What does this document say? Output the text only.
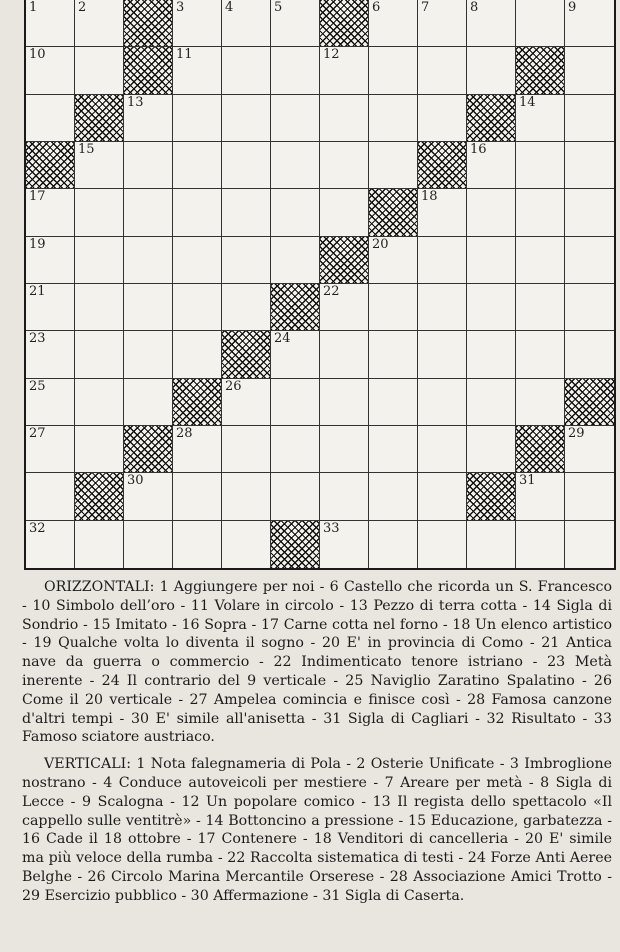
1	2	3	4	5	6	7	8	9
10	11	12
13	14
15	16
17	18
19	20
21	22
23	24
25	26
27	28	29
30	31
32	33

ORIZZONTALI: 1 Aggiungere per noi - 6 Castello che ricorda un S. Francesco - 10 Simbolo dell’oro - 11 Volare in circolo - 13 Pezzo di terra cotta - 14 Sigla di Sondrio - 15 Imitato - 16 Sopra - 17 Carne cotta nel forno - 18 Un elenco artistico - 19 Qualche volta lo diventa il sogno - 20 E' in provincia di Como - 21 Antica nave da guerra o commercio - 22 Indimenticato tenore istriano - 23 Metà inerente - 24 Il contrario del 9 verticale - 25 Naviglio Zaratino Spalatino - 26 Come il 20 verticale - 27 Ampelea comincia e finisce così - 28 Famosa canzone d'altri tempi - 30 E' simile all'anisetta - 31 Sigla di Cagliari - 32 Risultato - 33 Famoso sciatore austriaco.

VERTICALI: 1 Nota falegnameria di Pola - 2 Osterie Unificate - 3 Imbroglione nostrano - 4 Conduce autoveicoli per mestiere - 7 Areare per metà - 8 Sigla di Lecce - 9 Scalogna - 12 Un popolare comico - 13 Il regista dello spettacolo «Il cappello sulle ventitrè» - 14 Bottoncino a pressione - 15 Educazione, garbatezza - 16 Cade il 18 ottobre - 17 Contenere - 18 Venditori di cancelleria - 20 E' simile ma più veloce della rumba - 22 Raccolta sistematica di testi - 24 Forze Anti Aeree Belghe - 26 Circolo Marina Mercantile Orserese - 28 Associazione Amici Trotto - 29 Esercizio pubblico - 30 Affermazione - 31 Sigla di Caserta.
